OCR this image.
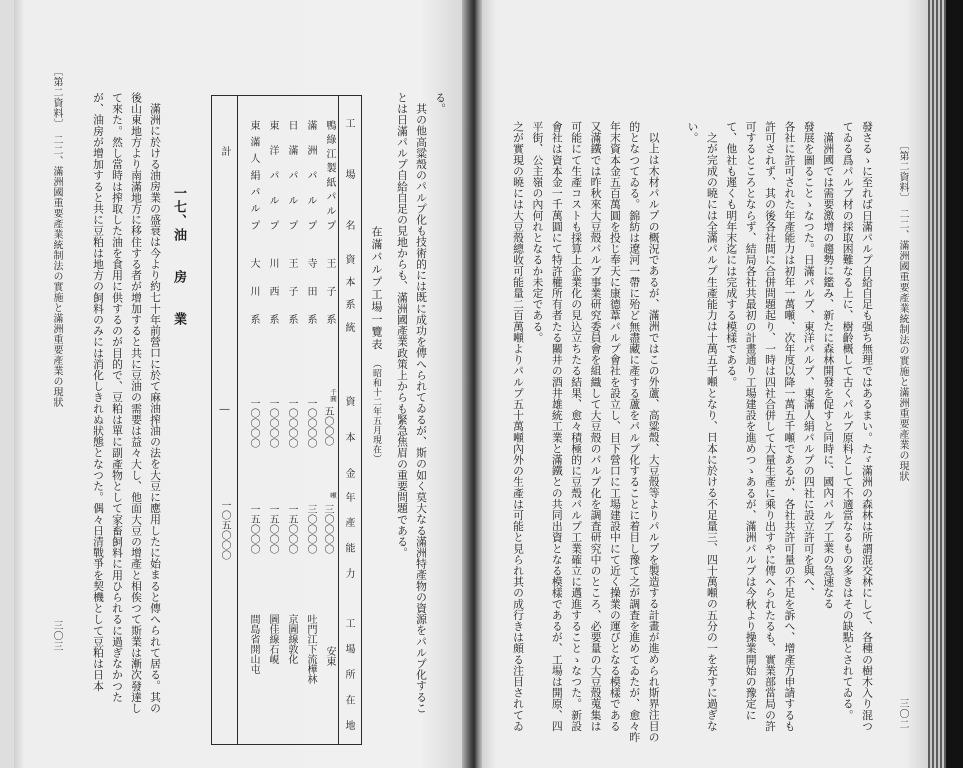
〔第二資料〕　二二、滿洲國重要產業統制法の實施と滿洲重要產業の現狀
三〇二
發さるゝに至れば日滿パルプ自給自足も强ち無理ではあるまい。たゞ滿洲の森林は所謂混交林にして、各種の樹木入り混つ
てゐる爲パルプ材の採取困難なる上に、樹齡概して古くパルプ原料として不適當なるもの多きはその缺點とされてゐる。
滿洲國では需要激增の趨勢に鑑み、新たに森林開發を促すと同時に、國內パルプ工業の急速なる
發展を圖ることゝなつた。日滿パルプ、東洋パルプ、東滿人絹パルプの四社に設立許可を與へ、
各社に許可された年產能力は初年一萬噸、次年度以降一萬五千噸であるが、各社共許可量の不足を訴へ、增產方申請するも
許可されず、其の後各社間に合併問題起り、一時は四社合併して大量生產に乘り出すやに傳へられたるも、實業部當局の許
可するところとならず、結局各社共最初の計畫通り工場建設を進めつゝあるが、滿洲パルプは今秋より操業開始の豫定に
て、他社も遲くも明年末迄には完成する模樣である。
之が完成の曉には全滿パルプ生產能力は十萬五千噸となり、日本に於ける不足量三、四十萬噸の五分の一を充すに過ぎな
い。
以上は木材パルプの概況であるが、滿洲ではこの外蘆、高粱殼、大豆殼等よりパルプを製造する計畫が進められ斯界注目の
的となつてゐる。錦紡は遼河一帶に殆ど無盡藏に產する蘆をパルプ化することに着目し豫て之が調査を進めてゐたが、愈々昨
年末資本金五百萬圓を投じ奉天に康德葦パルプ會社を設立し、目下營口に工場建設中にて近く操業の運びとなる模樣である
又滿鐵では昨秋來大豆殼パルプ事業研究委員會を組織して大豆殼のパルプ化を調査研究中のところ、必要量の大豆殼蒐集は
可能にて生產コストも採算上企業化の見込立ちたる結果、愈々積極的に豆殼パルプ工業確立に邁進することゝなつた。新設
會社は資本金一千萬圓にて特許權所有者たる關井の酒井雄統工業と滿鐵との共同出資となる模樣であるが、工場は開原、四
平街、公主嶺の內何れとなるか未定である。
之が實現の曉には大豆殼總收可能量二百萬噸よりパルプ五十萬噸內外の生產は可能と見られ其の成行きは頗る注目されてゐ
る。
其の他高粱殼のパルプ化も技術的には既に成功を傳へられてゐるが、斯の如く莫大なる滿洲特產物の資源をパルプ化するこ
とは日滿パルプ自給自足の見地からも、滿洲國產業政策上からも緊急焦眉の重要問題である。
在滿パルプ工場一覽表　（昭和十二年五月現在）
工場名
資本系統
資本金
年產能力
工場所在地
千圓
噸
鴨綠江製紙パルプ
王子系
五〇〇〇
三〇〇〇〇
安東
滿洲パルプ
寺田系
一〇〇〇〇
三〇〇〇〇
吐門江下流樺林
日滿パルプ
王子系
一〇〇〇〇
一五〇〇〇
京圖線敦化
東洋パルプ
川西系
一〇〇〇〇
一五〇〇〇
圖佳線石峴
東滿人絹パルプ
大川系
一〇〇〇〇
一五〇〇〇
間島省開山屯
計
―
一〇五〇〇〇
一七、油　　房　　業
滿洲に於ける油房業の盛衰は今より約七十年前營口に於て麻油搾油の法を大豆に應用したに始まると傳へられて居る。其の
後山東地方より南滿地方に移住する者が增加すると共に豆油の需要は益々大し、他面大豆の增產と相俟つて斯業は漸次發達し
て來た。然し當時は搾取した油を食用に供するのが目的で、豆粕は單に副產物として家畜飼料に用ひられるに過ぎなかつた
が、油房が增加すると共に豆粕は地方の飼料のみには消化しきれぬ狀態となつた。偶々日清戰爭を契機として豆粕は日本
〔第二資料〕　二二、滿洲國重要產業統制法の實施と滿洲重要產業の現狀
三〇三
